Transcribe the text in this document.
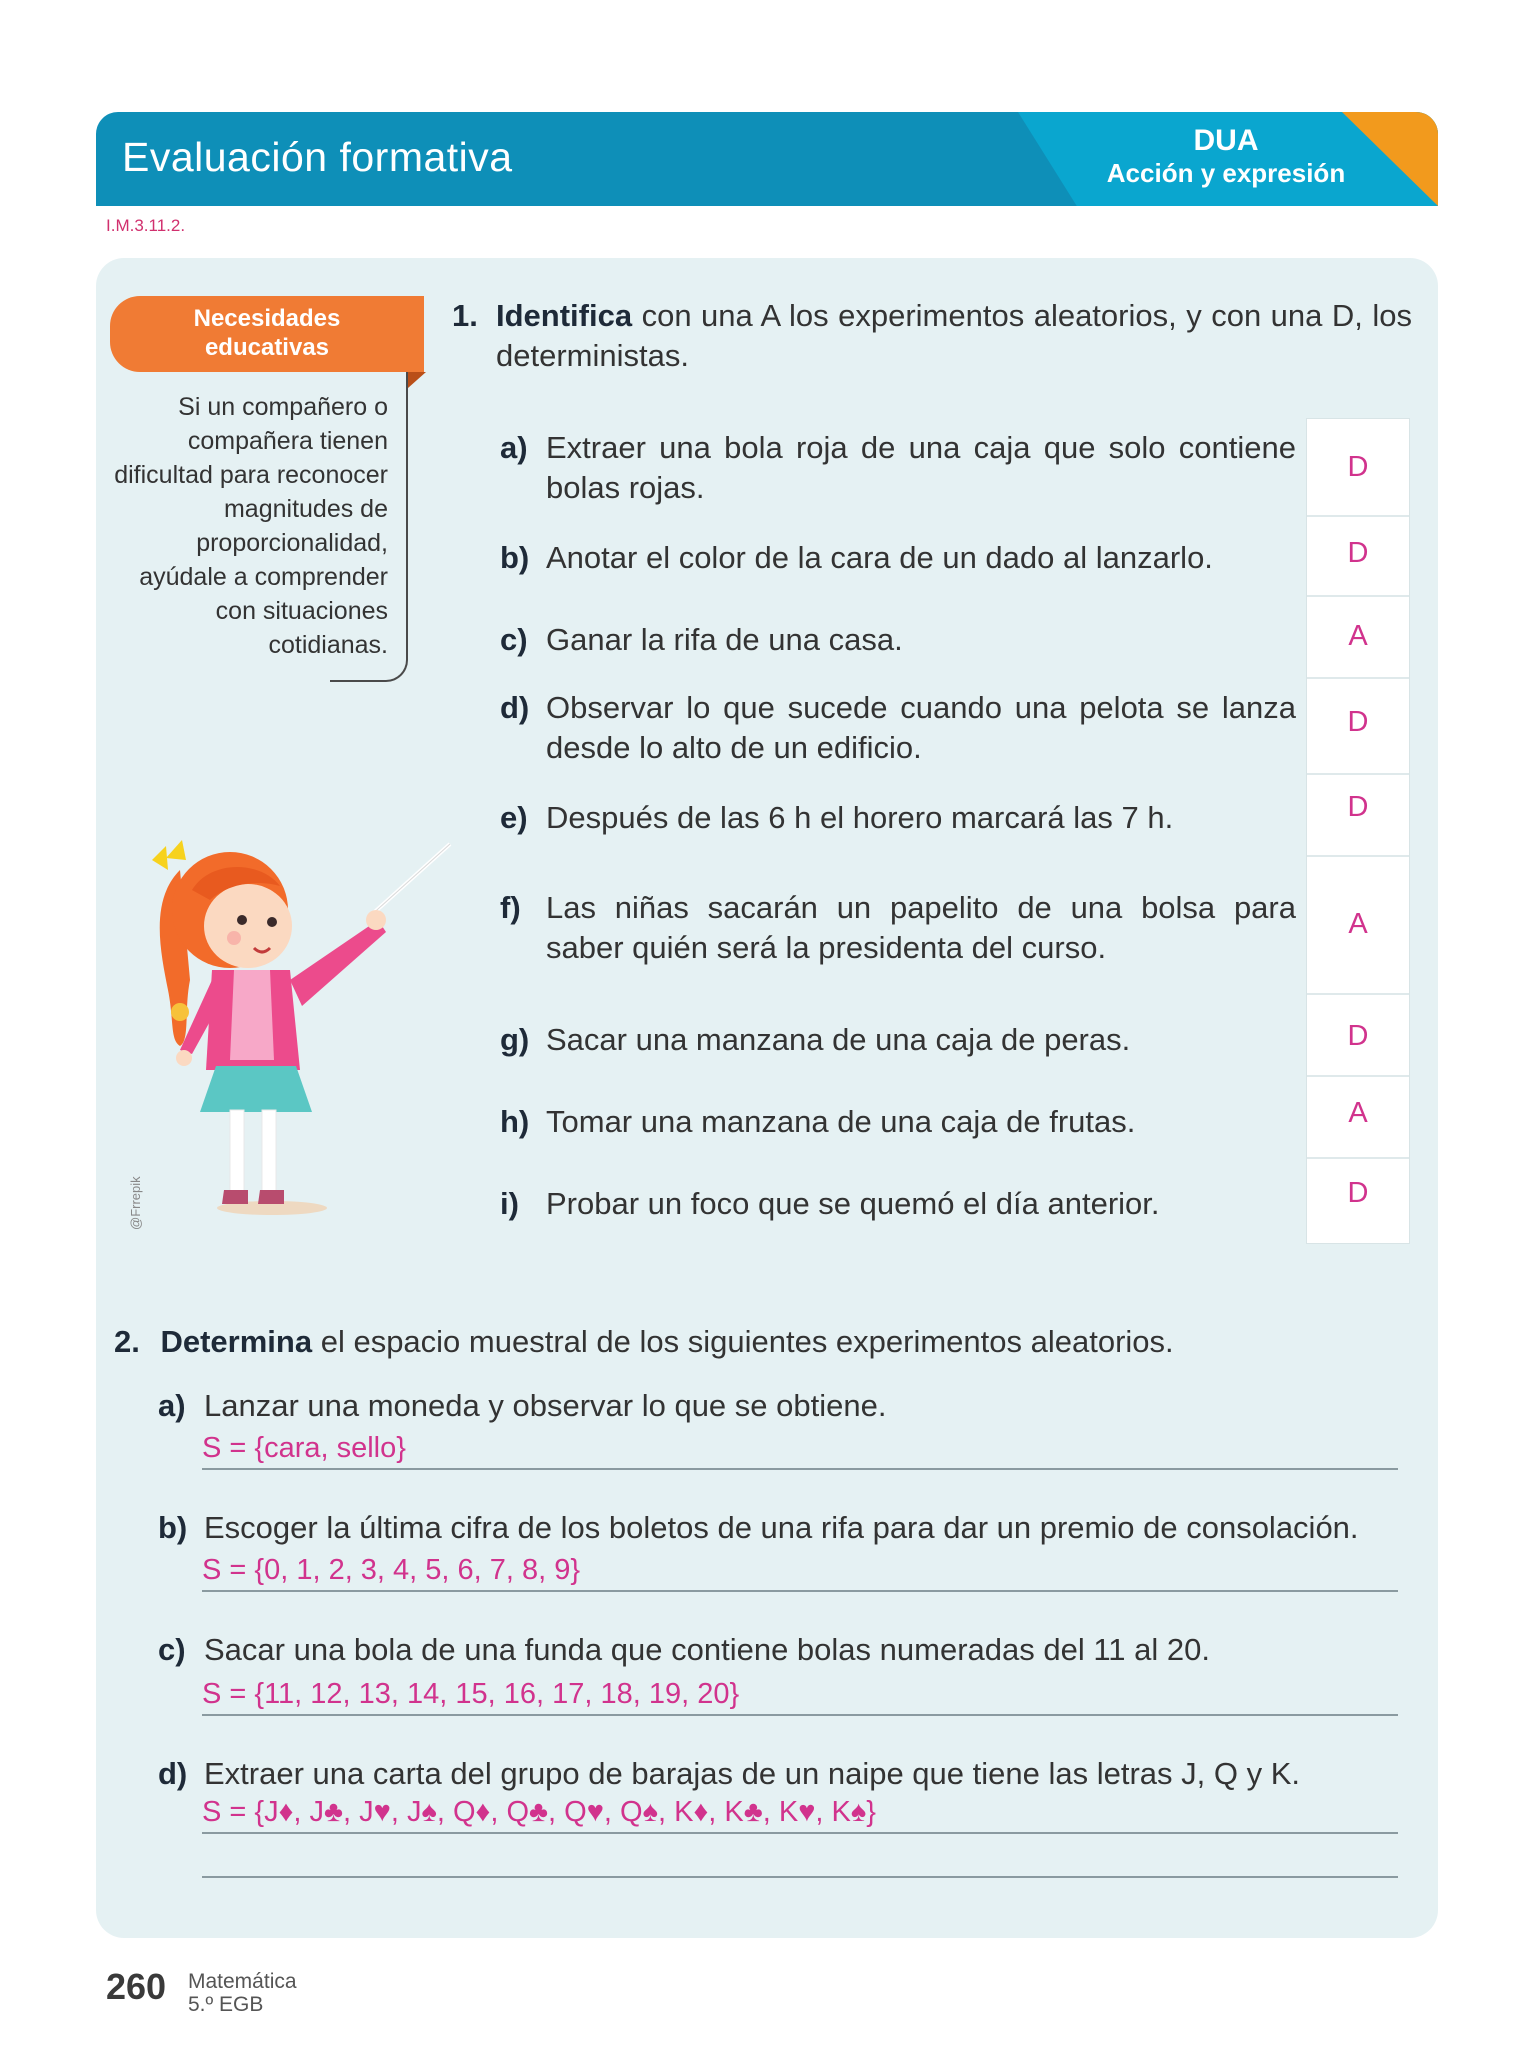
Evaluación formativa	DUA
Acción y expresión
I.M.3.11.2.
Necesidades
educativas
Si un compañero o compañera tienen dificultad para reconocer magnitudes de proporcionalidad, ayúdale a comprender con situaciones cotidianas.
@Frrepik
1. Identifica con una A los experimentos aleatorios, y con una D, los deterministas.
a) Extraer una bola roja de una caja que solo contiene bolas rojas.
b) Anotar el color de la cara de un dado al lanzarlo.
c) Ganar la rifa de una casa.
d) Observar lo que sucede cuando una pelota se lanza desde lo alto de un edificio.
e) Después de las 6 h el horero marcará las 7 h.
f) Las niñas sacarán un papelito de una bolsa para saber quién será la presidenta del curso.
g) Sacar una manzana de una caja de peras.
h) Tomar una manzana de una caja de frutas.
i) Probar un foco que se quemó el día anterior.
D
D
A
D
D
A
D
A
D
2. Determina el espacio muestral de los siguientes experimentos aleatorios.
a) Lanzar una moneda y observar lo que se obtiene.
S = {cara, sello}
b) Escoger la última cifra de los boletos de una rifa para dar un premio de consolación.
S = {0, 1, 2, 3, 4, 5, 6, 7, 8, 9}
c) Sacar una bola de una funda que contiene bolas numeradas del 11 al 20.
S = {11, 12, 13, 14, 15, 16, 17, 18, 19, 20}
d) Extraer una carta del grupo de barajas de un naipe que tiene las letras J, Q y K.
S = {J♦, J♣, J♥, J♠, Q♦, Q♣, Q♥, Q♠, K♦, K♣, K♥, K♠}
260 Matemática
5.º EGB
